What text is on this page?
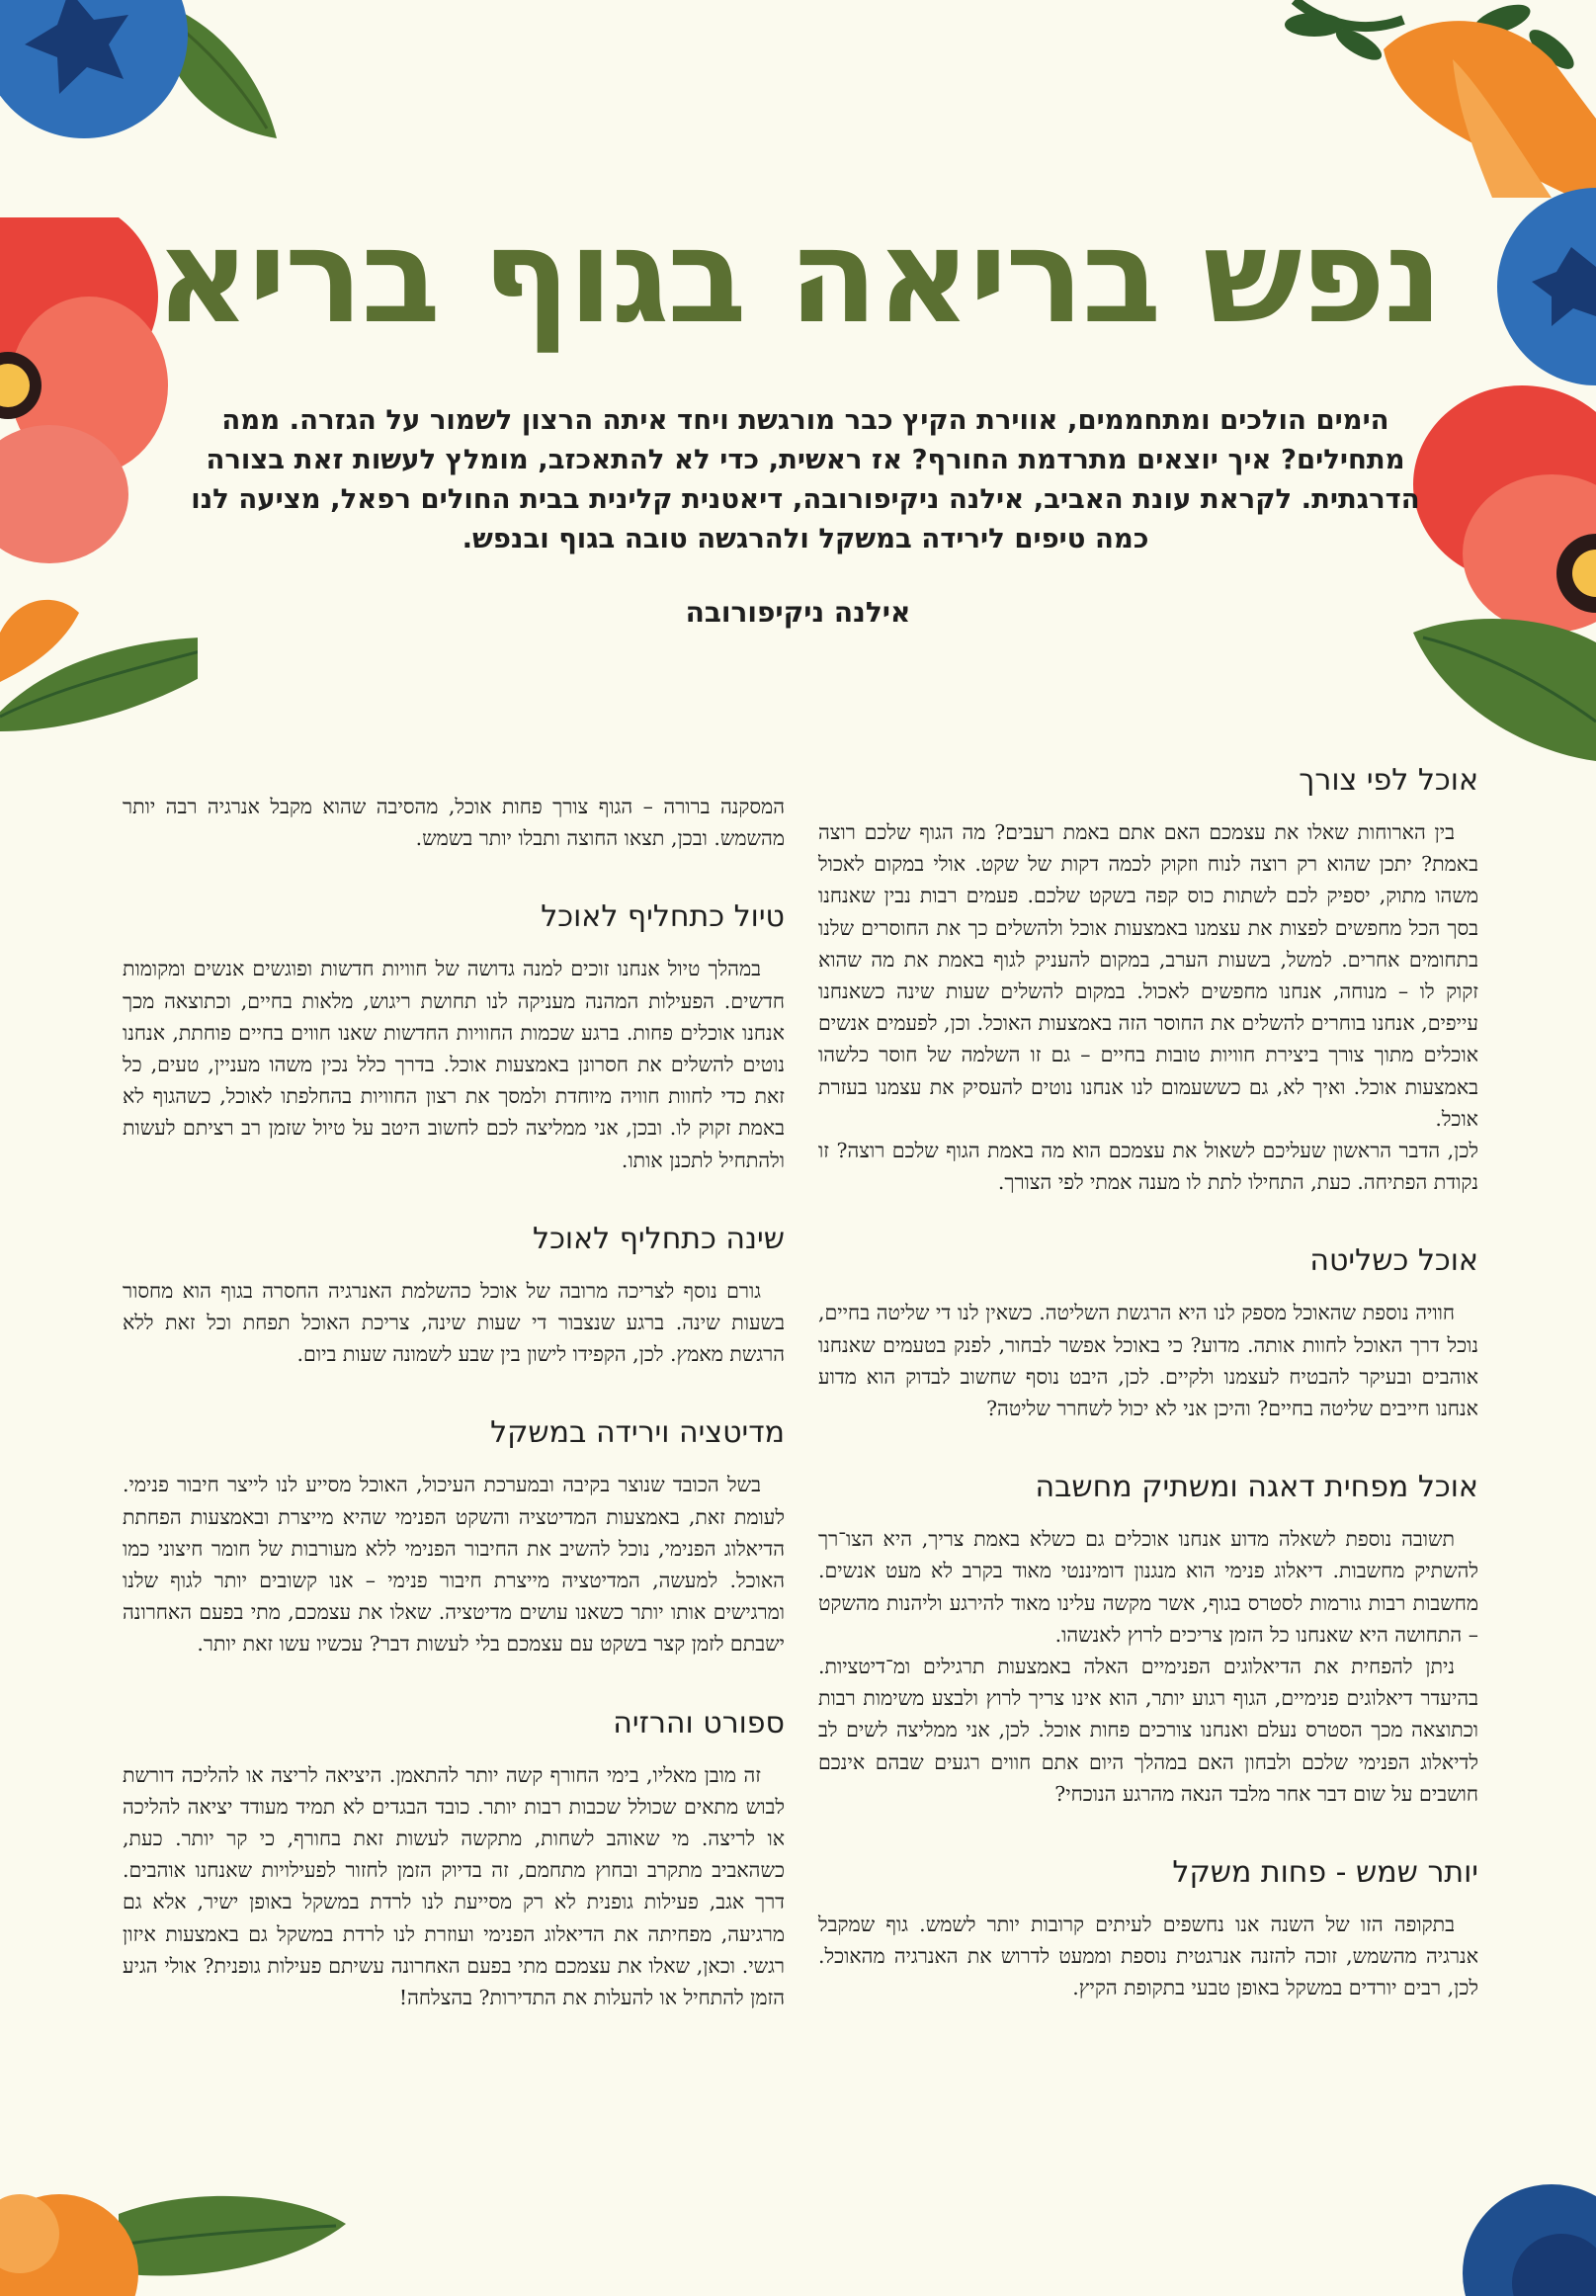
נפש בריאה בגוף בריא
הימים הולכים ומתחממים, אווירת הקיץ כבר מורגשת ויחד איתה הרצון לשמור על הגזרה. ממה מתחילים? איך יוצאים מתרדמת החורף? אז ראשית, כדי לא להתאכזב, מומלץ לעשות זאת בצורה הדרגתית. לקראת עונת האביב, אילנה ניקיפורובה, דיאטנית קלינית בבית החולים רפאל, מציעה לנו כמה טיפים לירידה במשקל ולהרגשה טובה בגוף ובנפש.
אילנה ניקיפורובה
אוכל לפי צורך

בין הארוחות שאלו את עצמכם האם אתם באמת רעבים? מה הגוף שלכם רוצה באמת? יתכן שהוא רק רוצה לנוח וזקוק לכמה דקות של שקט. אולי במקום לאכול משהו מתוק, יספיק לכם לשתות כוס קפה בשקט שלכם. פעמים רבות נבין שאנחנו בסך הכל מחפשים לפצות את עצמנו באמצעות אוכל ולהשלים כך את החוסרים שלנו בתחומים אחרים. למשל, בשעות הערב, במקום להעניק לגוף באמת את מה שהוא זקוק לו – מנוחה, אנחנו מחפשים לאכול. במקום להשלים שעות שינה כשאנחנו עייפים, אנחנו בוחרים להשלים את החוסר הזה באמצעות האוכל. וכן, לפעמים אנשים אוכלים מתוך צורך ביצירת חוויות טובות בחיים – גם זו השלמה של חוסר כלשהו באמצעות אוכל. ואיך לא, גם כששעמום לנו אנחנו נוטים להעסיק את עצמנו בעזרת אוכל.

לכן, הדבר הראשון שעליכם לשאול את עצמכם הוא מה באמת הגוף שלכם רוצה? זו נקודת הפתיחה. כעת, התחילו לתת לו מענה אמתי לפי הצורך.

אוכל כשליטה

חוויה נוספת שהאוכל מספק לנו היא הרגשת השליטה. כשאין לנו די שליטה בחיים, נוכל דרך האוכל לחוות אותה. מדוע? כי באוכל אפשר לבחור, לפנק בטעמים שאנחנו אוהבים ובעיקר להבטיח לעצמנו ולקיים. לכן, היבט נוסף שחשוב לבדוק הוא מדוע אנחנו חייבים שליטה בחיים? והיכן אני לא יכול לשחרר שליטה?

אוכל מפחית דאגה ומשתיק מחשבה

תשובה נוספת לשאלה מדוע אנחנו אוכלים גם כשלא באמת צריך, היא הצו־רך להשתיק מחשבות. דיאלוג פנימי הוא מנגנון דומיננטי מאוד בקרב לא מעט אנשים. מחשבות רבות גורמות לסטרס בגוף, אשר מקשה עלינו מאוד להירגע וליהנות מהשקט – התחושה היא שאנחנו כל הזמן צריכים לרוץ לאנשהו.

ניתן להפחית את הדיאלוגים הפנימיים האלה באמצעות תרגילים ומ־דיטציות. בהיעדר דיאלוגים פנימיים, הגוף רגוע יותר, הוא אינו צריך לרוץ ולבצע משימות רבות וכתוצאה מכך הסטרס נעלם ואנחנו צורכים פחות אוכל. לכן, אני ממליצה לשים לב לדיאלוג הפנימי שלכם ולבחון האם במהלך היום אתם חווים רגעים שבהם אינכם חושבים על שום דבר אחר מלבד הנאה מהרגע הנוכחי?

יותר שמש - פחות משקל

בתקופה הזו של השנה אנו נחשפים לעיתים קרובות יותר לשמש. גוף שמקבל אנרגיה מהשמש, זוכה להזנה אנרגטית נוספת וממעט לדרוש את האנרגיה מהאוכל. לכן, רבים יורדים במשקל באופן טבעי בתקופת הקיץ.

המסקנה ברורה – הגוף צורך פחות אוכל, מהסיבה שהוא מקבל אנרגיה רבה יותר מהשמש. ובכן, תצאו החוצה ותבלו יותר בשמש.

טיול כתחליף לאוכל

במהלך טיול אנחנו זוכים למנה גדושה של חוויות חדשות ופוגשים אנשים ומקומות חדשים. הפעילות המהנה מעניקה לנו תחושת ריגוש, מלאות בחיים, וכתוצאה מכך אנחנו אוכלים פחות. ברגע שכמות החוויות החדשות שאנו חווים בחיים פוחתת, אנחנו נוטים להשלים את חסרונן באמצעות אוכל. בדרך כלל נכין משהו מעניין, טעים, כל זאת כדי לחוות חוויה מיוחדת ולמסך את רצון החוויות בהחלפתו לאוכל, כשהגוף לא באמת זקוק לו. ובכן, אני ממליצה לכם לחשוב היטב על טיול שזמן רב רציתם לעשות ולהתחיל לתכנן אותו.

שינה כתחליף לאוכל

גורם נוסף לצריכה מרובה של אוכל כהשלמת האנרגיה החסרה בגוף הוא מחסור בשעות שינה. ברגע שנצבור די שעות שינה, צריכת האוכל תפחת וכל זאת ללא הרגשת מאמץ. לכן, הקפידו לישון בין שבע לשמונה שעות ביום.

מדיטציה וירידה במשקל

בשל הכובד שנוצר בקיבה ובמערכת העיכול, האוכל מסייע לנו לייצר חיבור פנימי. לעומת זאת, באמצעות המדיטציה והשקט הפנימי שהיא מייצרת ובאמצעות הפחתת הדיאלוג הפנימי, נוכל להשיב את החיבור הפנימי ללא מעורבות של חומר חיצוני כמו האוכל. למעשה, המדיטציה מייצרת חיבור פנימי – אנו קשובים יותר לגוף שלנו ומרגישים אותו יותר כשאנו עושים מדיטציה. שאלו את עצמכם, מתי בפעם האחרונה ישבתם לזמן קצר בשקט עם עצמכם בלי לעשות דבר? עכשיו עשו זאת יותר.

ספורט והרזיה

זה מובן מאליו, בימי החורף קשה יותר להתאמן. היציאה לריצה או להליכה דורשת לבוש מתאים שכולל שכבות רבות יותר. כובד הבגדים לא תמיד מעודד יציאה להליכה או לריצה. מי שאוהב לשחות, מתקשה לעשות זאת בחורף, כי קר יותר. כעת, כשהאביב מתקרב ובחוץ מתחמם, זה בדיוק הזמן לחזור לפעילויות שאנחנו אוהבים. דרך אגב, פעילות גופנית לא רק מסייעת לנו לרדת במשקל באופן ישיר, אלא גם מרגיעה, מפחיתה את הדיאלוג הפנימי ועוזרת לנו לרדת במשקל גם באמצעות איזון רגשי. וכאן, שאלו את עצמכם מתי בפעם האחרונה עשיתם פעילות גופנית? אולי הגיע הזמן להתחיל או להעלות את התדירות? בהצלחה!
